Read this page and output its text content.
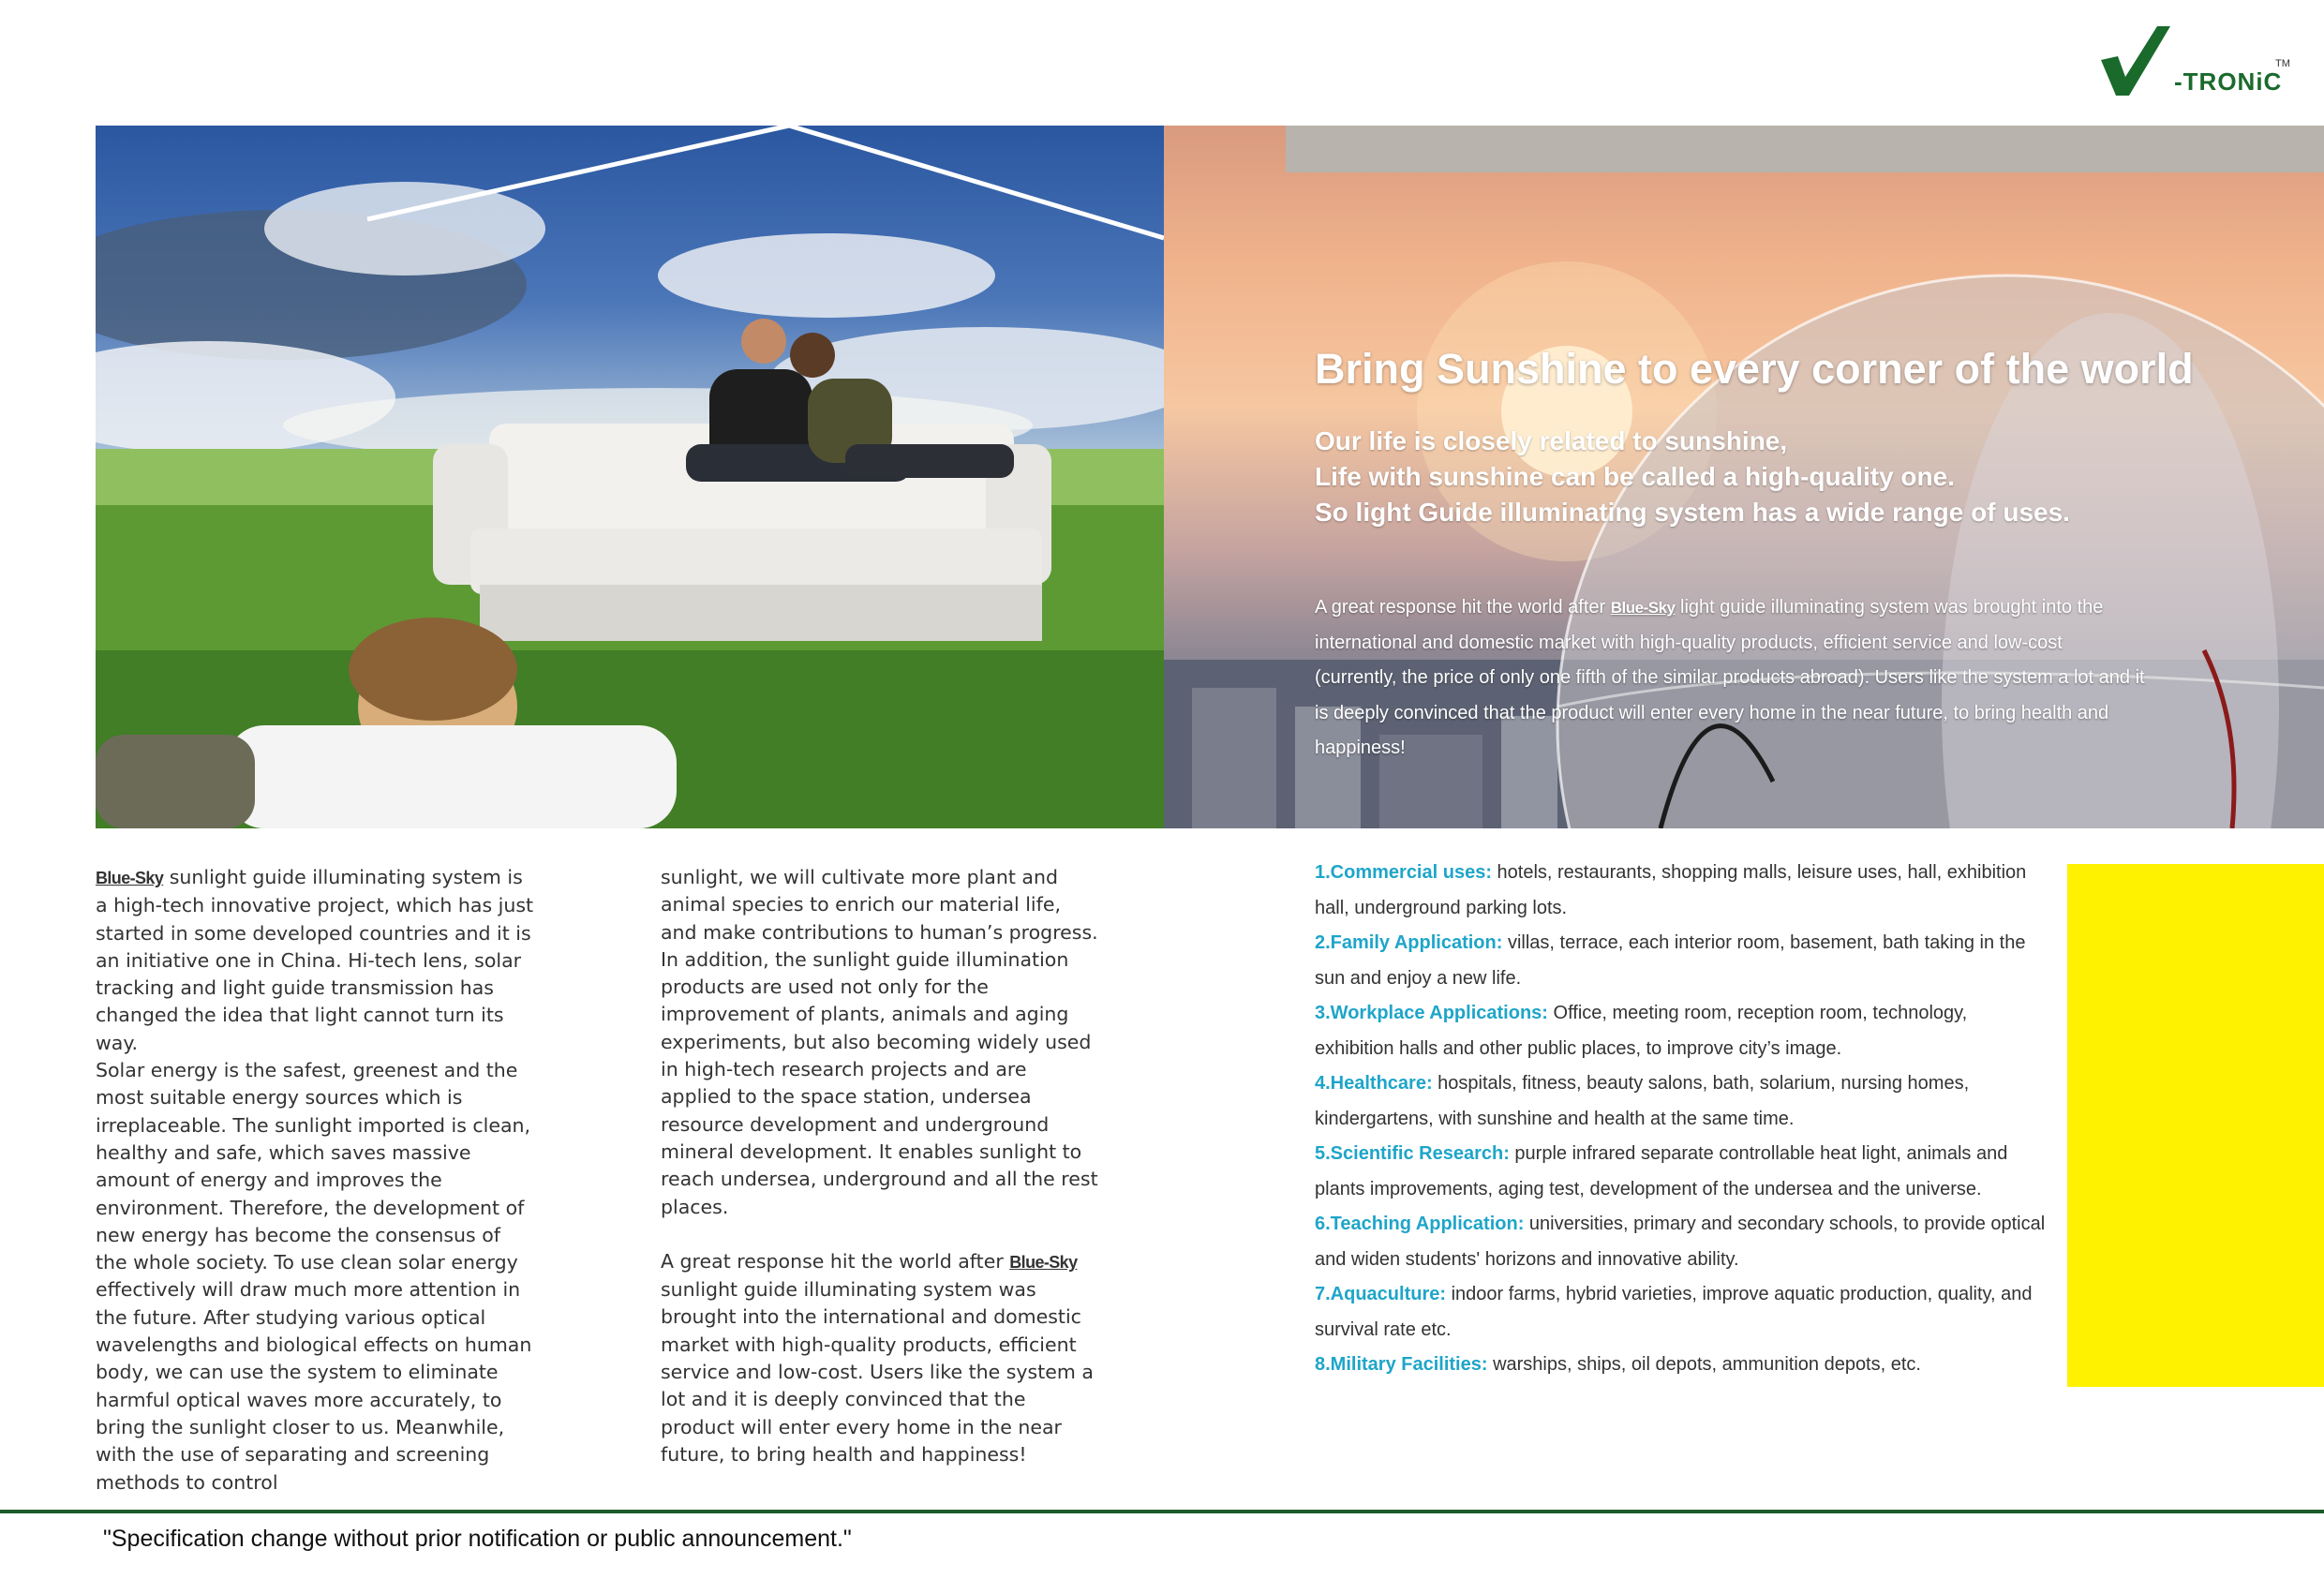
-TRONiC
TM
Bring Sunshine to every corner of the world
Our life is closely related to sunshine,
Life with sunshine can be called a high-quality one.
So light Guide illuminating system has a wide range of uses.
A great response hit the world after Blue-Sky light guide illuminating system was brought into the international and domestic market with high-quality products, efficient service and low-cost (currently, the price of only one fifth of the similar products abroad). Users like the system a lot and it is deeply convinced that the product will enter every home in the near future, to bring health and happiness!

Blue-Sky sunlight guide illuminating system is a high-tech innovative project, which has just started in some developed countries and it is an initiative one in China. Hi-tech lens, solar tracking and light guide transmission has changed the idea that light cannot turn its way.

Solar energy is the safest, greenest and the most suitable energy sources which is irreplaceable. The sunlight imported is clean, healthy and safe, which saves massive amount of energy and improves the environment. Therefore, the development of new energy has become the consensus of the whole society. To use clean solar energy effectively will draw much more attention in the future. After studying various optical wavelengths and biological effects on human body, we can use the system to eliminate harmful optical waves more accurately, to bring the sunlight closer to us. Meanwhile, with the use of separating and screening methods to control

sunlight, we will cultivate more plant and animal species to enrich our material life, and make contributions to human’s progress. In addition, the sunlight guide illumination products are used not only for the improvement of plants, animals and aging experiments, but also becoming widely used in high-tech research projects and are applied to the space station, undersea resource development and underground mineral development. It enables sunlight to reach undersea, underground and all the rest places.

A great response hit the world after Blue-Sky sunlight guide illuminating system was brought into the international and domestic market with high-quality products, efficient service and low-cost. Users like the system a lot and it is deeply convinced that the product will enter every home in the near future, to bring health and happiness!

1.Commercial uses: hotels, restaurants, shopping malls, leisure uses, hall, exhibition hall, underground parking lots.
2.Family Application: villas, terrace, each interior room, basement, bath taking in the sun and enjoy a new life.
3.Workplace Applications: Office, meeting room, reception room, technology, exhibition halls and other public places, to improve city’s image.
4.Healthcare: hospitals, fitness, beauty salons, bath, solarium, nursing homes, kindergartens, with sunshine and health at the same time.
5.Scientific Research: purple infrared separate controllable heat light, animals and plants improvements, aging test, development of the undersea and the universe.
6.Teaching Application: universities, primary and secondary schools, to provide optical and widen students' horizons and innovative ability.
7.Aquaculture: indoor farms, hybrid varieties, improve aquatic production, quality, and survival rate etc.
8.Military Facilities: warships, ships, oil depots, ammunition depots, etc.
"Specification change without prior notification or public announcement."
